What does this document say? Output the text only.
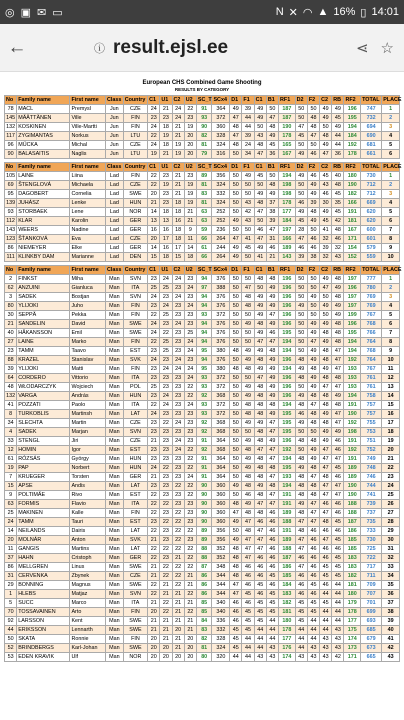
◎ ▣ ✉ ▭	N ✕ ◠ ▲ 16% ▯ 14:01
←	ⓘ result.ejsl.ee	⋖ ☆
European CHS Combined Game Shooting
RESULTS BY CATEGORY
No	Family name	First name	Class	Country	C1	U1	C2	U2	SC_T	SCx4	D1	F1	C1	B1	RF1	D2	F2	C2	RB	RF2	TOTAL	PLACE
78	MACL	Premysl	Jun	CZE	24	21	24	22	91	364	49	39	49	50	187	50	50	49	49	196	747	1
145	MÄÄTTÄNEN	Ville	Jun	FIN	23	23	24	23	93	372	47	44	49	47	187	50	48	49	45	195	732	2
132	KOSKINEN	Ville-Martti	Jun	FIN	24	18	21	19	90	360	48	44	50	48	190	47	48	50	49	194	694	3
117	ZYGIMANTAS	Norkus	Jun	LTU	22	19	21	20	82	328	47	39	43	49	178	45	47	48	44	184	690	4
96	MÜCKA	Michal	Jun	CZE	24	18	19	20	81	324	48	24	48	45	165	50	50	49	44	192	681	5
90	BALASAITIS	Naglis	Jun	LTU	19	21	19	20	79	316	50	34	47	36	167	49	46	47	36	178	661	6
No	Family name	First name	Class	Country	C1	U1	C2	U2	SC_T	SCx4	D1	F1	C1	B1	RF1	D2	F2	C2	RB	RF2	TOTAL	PLACE
105	LAINE	Liina	Lad	FIN	22	23	21	23	89	356	50	49	45	50	194	49	46	45	40	180	730	1
69	ŠTENGLOVÁ	Michaela	Lad	CZE	22	19	21	19	81	324	50	50	50	48	198	50	49	43	48	190	712	2
95	DAGOBERT	Cornelia	Lad	SWE	20	23	21	19	83	332	50	50	49	49	198	50	49	46	45	182	712	3
139	JUHÁSZ	Lenke	Lad	HUN	21	23	18	19	81	324	50	43	48	37	178	46	39	30	35	166	669	4
93	STORBAEK	Lene	Lad	NOR	14	18	18	21	63	252	50	42	47	38	177	49	48	49	45	191	620	5
112	KLAR	Karolin	Lad	GER	13	13	16	21	63	252	49	43	50	39	184	45	49	45	42	181	620	6
143	WEERS	Nadine	Lad	GER	16	16	18	9	59	236	50	50	46	47	197	28	50	41	48	167	600	7
123	ŠŤANKOVÁ	Eva	Lad	CZE	20	17	18	11	66	264	47	41	47	31	166	47	46	32	46	171	601	8
86	NIEMEYER	Elke	Lad	GER	14	16	17	14	61	244	49	45	49	46	189	46	46	39	32	154	579	9
111	KLINKBY DAM	Marianne	Lad	DEN	15	18	15	18	66	264	49	50	41	21	143	39	38	32	43	152	559	10
No	Family name	First name	Class	Country	C1	U1	C2	U2	SC_T	SCx4	D1	F1	C1	B1	RF1	D2	F2	C2	RB	RF2	TOTAL	PLACE
2	FINKST	Miha	Man	SVN	23	24	24	23	94	376	50	50	48	48	196	50	50	49	48	197	777	1
62	ANZUINI	Gianluca	Man	ITA	25	25	23	24	97	388	50	47	50	49	196	50	50	47	49	196	780	2
3	SADEK	Bostjan	Man	SVN	24	23	24	23	94	376	50	48	49	49	196	50	49	50	48	197	769	3
80	YLIJOKI	Juho	Man	FIN	23	24	23	24	94	376	50	48	49	49	196	49	50	49	49	197	769	4
30	SEPPÄ	Pekka	Man	FIN	22	25	23	23	93	372	50	50	49	47	196	50	50	50	49	199	767	5
21	SANDELIN	David	Man	SWE	24	23	24	23	94	376	50	49	48	49	196	50	49	49	48	196	768	6
40	HÅKANSSON	Emil	Man	SWE	24	22	23	25	94	376	50	50	49	46	195	50	49	48	48	195	766	7
27	LAINE	Marko	Man	FIN	22	25	23	24	94	376	50	50	47	47	194	50	47	49	48	194	764	8
23	TAMM	Taavo	Man	EST	23	25	23	24	95	380	48	49	49	48	194	50	49	48	47	194	768	9
88	KRAZEL	Stanislav	Man	SVK	24	23	24	23	94	376	50	49	48	49	196	48	49	48	47	192	764	10
39	YLIJOKI	Matti	Man	FIN	23	24	24	24	95	380	48	48	49	49	194	49	48	49	47	193	767	11
64	CORDERO	Vittorio	Man	ITA	23	23	23	24	93	372	50	50	47	49	196	48	49	48	48	193	761	12
48	WŁODARCZYK	Wojciech	Man	POL	25	23	23	22	93	372	50	49	48	49	196	50	49	47	47	193	761	13
132	VARGA	András	Man	HUN	23	24	23	22	92	368	50	49	48	49	196	49	48	48	49	194	758	14
41	POZZATI	Paolo	Man	ITA	22	24	23	24	93	372	50	48	48	48	194	48	47	48	48	191	757	15
8	TURKOBLIS	Martinsh	Man	LAT	24	23	23	23	93	372	50	48	48	49	195	46	48	49	47	190	757	16
34	SLECHTA	Martin	Man	CZE	23	22	24	23	92	368	50	49	49	47	195	49	48	48	47	192	755	17
4	SADEK	Marjan	Man	SVN	23	23	23	23	92	368	50	50	48	47	195	50	50	49	49	198	753	18
33	STENGL	Jiri	Man	CZE	21	23	24	23	91	364	50	49	48	49	196	48	48	49	46	191	751	19
12	HOMIN	Igor	Man	EST	23	23	24	22	92	368	50	48	47	47	192	50	49	47	46	192	752	20
61	RÓZSÁS	György	Man	HUN	23	23	23	22	91	364	50	49	48	47	194	48	49	47	47	191	749	21
19	PAP	Norbert	Man	HUN	24	22	23	22	91	364	50	49	48	48	195	49	48	47	45	189	748	22
7	KRUEGER	Torsten	Man	GER	21	23	23	24	91	364	50	48	48	47	193	48	47	48	46	189	746	23
15	APSE	Andis	Man	LAT	23	23	22	22	90	360	49	48	49	48	194	48	48	47	47	190	744	24
9	POLTIMÄE	Rivo	Man	EST	22	23	23	22	90	360	50	46	48	47	191	48	48	47	47	190	741	25
63	FORMIS	Flavio	Man	ITA	22	22	23	23	90	360	48	49	47	47	191	49	47	46	46	188	739	26
25	MAKINEN	Kalle	Man	FIN	22	23	22	23	90	360	47	48	48	46	189	48	47	47	46	188	737	27
24	TAMM	Tauri	Man	EST	23	22	22	23	90	360	49	47	46	46	188	47	47	48	45	187	735	28
14	NEILANDS	Dairis	Man	LAT	22	23	22	22	89	356	50	48	47	46	191	48	46	46	46	186	733	29
20	MOLNÁR	Anton	Man	SVK	21	23	22	23	89	356	49	47	47	46	189	47	46	47	45	185	730	30
11	GANGIS	Martins	Man	LAT	22	22	22	22	88	352	48	47	47	46	188	47	46	46	46	185	725	31
37	HAHN	Cristoph	Man	GER	22	23	21	22	88	352	48	47	46	46	187	46	46	46	45	183	722	32
86	MELLGREN	Linus	Man	SWE	21	22	22	22	87	348	48	46	46	46	186	47	46	45	45	183	717	33
31	CERVENKA	Zbynek	Man	CZE	21	22	22	21	86	344	48	46	46	45	185	46	46	45	45	182	711	34
29	BONNING	Magnus	Man	SWE	22	21	22	21	86	344	47	46	45	46	184	46	45	46	44	181	709	35
1	HLEBS	Matjaz	Man	SVN	22	21	21	22	86	344	47	45	46	45	183	46	46	44	44	180	707	36
5	SUCC	Marco	Man	ITA	21	22	21	21	85	340	46	46	45	45	182	45	45	45	44	179	701	37
70	TOSSAVAINEN	Arto	Man	FIN	20	22	21	22	85	340	46	45	45	45	181	45	45	44	44	178	699	38
92	LARSSON	Kent	Man	SWE	21	21	21	21	84	336	46	45	45	44	180	45	44	44	44	177	693	39
44	ERIKSSON	Lennarth	Man	SWE	21	21	20	21	83	332	45	45	44	44	178	44	44	44	43	175	685	40
50	SKATA	Ronnie	Man	FIN	20	21	21	20	82	328	45	44	44	44	177	44	44	43	43	174	679	41
52	BRINDBERGS	Karl-Johan	Man	SWE	20	20	21	20	81	324	45	44	44	43	176	44	43	43	43	173	673	42
53	EDEN KRAVIK	Ulf	Man	NOR	20	20	20	20	80	320	44	44	43	43	174	43	43	43	42	171	665	43
